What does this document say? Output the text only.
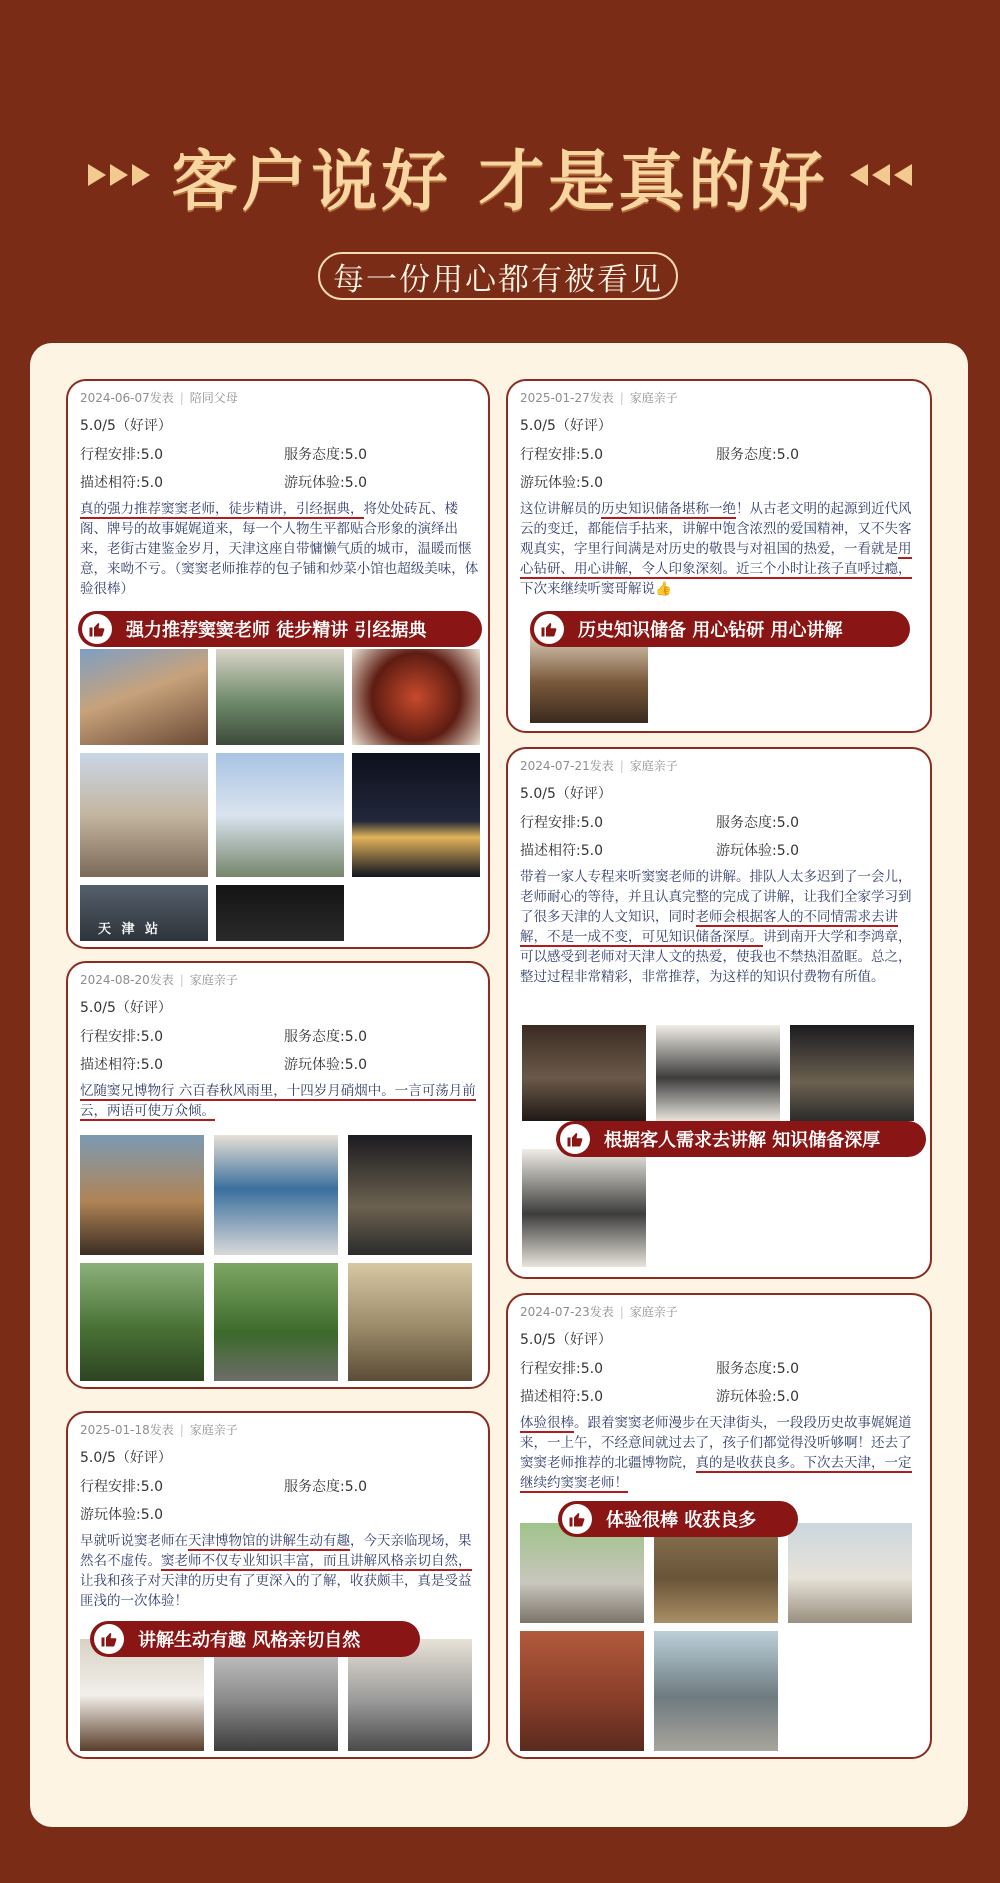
客户说好 才是真的好
每一份用心都有被看见
2024-06-07发表 | 陪同父母
5.0/5（好评）
行程安排:5.0	服务态度:5.0
描述相符:5.0	游玩体验:5.0
真的强力推荐窦窦老师，徒步精讲，引经据典，将处处砖瓦、楼阁、牌号的故事娓娓道来，每一个人物生平都贴合形象的演绎出来，老街古建鉴金岁月，天津这座自带慵懒气质的城市，温暖而惬意，来呦不亏。（窦窦老师推荐的包子铺和炒菜小馆也超级美味，体验很棒）
强力推荐窦窦老师 徒步精讲 引经据典
天 津 站
2024-08-20发表 | 家庭亲子
5.0/5（好评）
行程安排:5.0	服务态度:5.0
描述相符:5.0	游玩体验:5.0
忆随窦兄博物行 六百春秋风雨里，十四岁月硝烟中。一言可荡月前云，两语可使万众倾。
2025-01-18发表 | 家庭亲子
5.0/5（好评）
行程安排:5.0	服务态度:5.0
游玩体验:5.0
早就听说窦老师在天津博物馆的讲解生动有趣，今天亲临现场，果然名不虚传。窦老师不仅专业知识丰富，而且讲解风格亲切自然，让我和孩子对天津的历史有了更深入的了解，收获颇丰，真是受益匪浅的一次体验！
讲解生动有趣 风格亲切自然
2025-01-27发表 | 家庭亲子
5.0/5（好评）
行程安排:5.0	服务态度:5.0
游玩体验:5.0
这位讲解员的历史知识储备堪称一绝！从古老文明的起源到近代风云的变迁，都能信手拈来，讲解中饱含浓烈的爱国精神，又不失客观真实，字里行间满是对历史的敬畏与对祖国的热爱，一看就是用心钻研、用心讲解，令人印象深刻。近三个小时让孩子直呼过瘾，下次来继续听窦哥解说👍
历史知识储备 用心钻研 用心讲解
2024-07-21发表 | 家庭亲子
5.0/5（好评）
行程安排:5.0	服务态度:5.0
描述相符:5.0	游玩体验:5.0
带着一家人专程来听窦窦老师的讲解。排队人太多迟到了一会儿，老师耐心的等待，并且认真完整的完成了讲解，让我们全家学习到了很多天津的人文知识，同时老师会根据客人的不同情需求去讲解，不是一成不变，可见知识储备深厚。讲到南开大学和李鸿章，可以感受到老师对天津人文的热爱，使我也不禁热泪盈眶。总之，整过过程非常精彩，非常推荐，为这样的知识付费物有所值。
根据客人需求去讲解 知识储备深厚
2024-07-23发表 | 家庭亲子
5.0/5（好评）
行程安排:5.0	服务态度:5.0
描述相符:5.0	游玩体验:5.0
体验很棒。跟着窦窦老师漫步在天津街头，一段段历史故事娓娓道来，一上午，不经意间就过去了，孩子们都觉得没听够啊！还去了窦窦老师推荐的北疆博物院，真的是收获良多。下次去天津，一定继续约窦窦老师！
体验很棒 收获良多
